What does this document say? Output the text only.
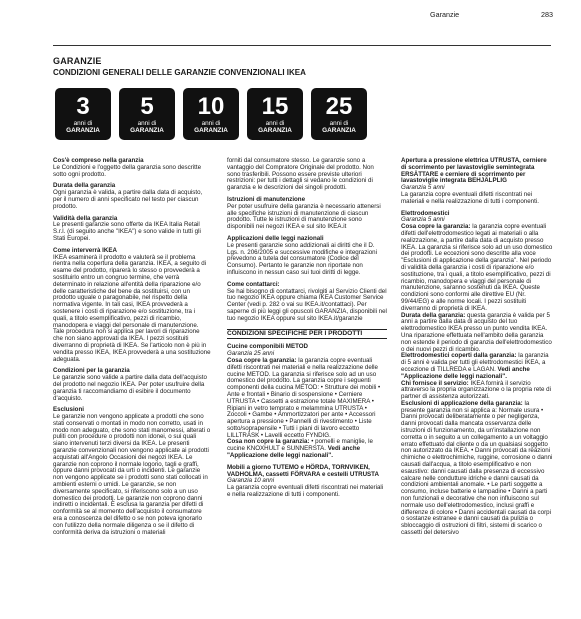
Garanzie	283
GARANZIE
CONDIZIONI GENERALI DELLE GARANZIE CONVENZIONALI IKEA
3
anni di
GARANZIA
5
anni di
GARANZIA
10
anni di
GARANZIA
15
anni di
GARANZIA
25
anni di
GARANZIA
Cos'è compreso nella garanzia

Le Condizioni e l'oggetto della garanzia sono descritte sotto ogni prodotto.

Durata della garanzia

Ogni garanzia è valida, a partire dalla data di acquisto, per il numero di anni specificato nel testo per ciascun prodotto.

Validità della garanzia

Le presenti garanzie sono offerte da IKEA Italia Retail S.r.l. (di seguito anche "IKEA") e sono valide in tutti gli Stati Europei.

Come interverrà IKEA

IKEA esaminerà il prodotto e valuterà se il problema rientra nella copertura della garanzia. IKEA, a seguito di esame del prodotto, riparerà lo stesso o provvederà a sostituirlo entro un congruo termine, che verrà determinato in relazione all'entità della riparazione e/o delle caratteristiche del bene da sostituirsi, con un prodotto uguale o paragonabile, nel rispetto della normativa vigente. In tali casi, IKEA provvederà a sostenere i costi di riparazione e/o sostituzione, tra i quali, a titolo esemplificativo, pezzi di ricambio, manodopera e viaggi del personale di manutenzione. Tale procedura non si applica per lavori di riparazione che non siano approvati da IKEA. I pezzi sostituiti diverranno di proprietà di IKEA. Se l'articolo non è più in vendita presso IKEA, IKEA provvederà a una sostituzione adeguata.

Condizioni per la garanzia

Le garanzie sono valide a partire dalla data dell'acquisto del prodotto nel negozio IKEA. Per poter usufruire della garanzia ti raccomandiamo di esibire il documento d'acquisto.

Esclusioni

Le garanzie non vengono applicate a prodotti che sono stati conservati o montati in modo non corretto, usati in modo non adeguato, che sono stati manomessi, alterati o puliti con procedure o prodotti non idonei, o sui quali siano intervenuti terzi diversi da IKEA. Le presenti garanzie convenzionali non vengono applicate ai prodotti acquistati all'Angolo Occasioni dei negozi IKEA. Le garanzie non coprono il normale logorio, tagli e graffi, oppure danni provocati da urti o incidenti. Le garanzie non vengono applicate se i prodotti sono stati collocati in ambienti esterni o umidi. Le garanzie, se non diversamente specificato, si riferiscono solo a un uso domestico dei prodotti. Le garanzie non coprono danni indiretti o incidentali. È esclusa la garanzia per difetti di conformità se al momento dell'acquisto il consumatore era a conoscenza del difetto o se non poteva ignorarlo con l'utilizzo della normale diligenza o se il difetto di conformità deriva da istruzioni o materiali

forniti dal consumatore stesso. Le garanzie sono a vantaggio del Compratore Originale del prodotto. Non sono trasferibili. Possono essere previste ulteriori restrizioni: per tutti i dettagli si vedano le condizioni di garanzia e le descrizioni dei singoli prodotti.

Istruzioni di manutenzione

Per poter usufruire della garanzia è necessario attenersi alle specifiche istruzioni di manutenzione di ciascun prodotto. Tutte le istruzioni di manutenzione sono disponibili nei negozi IKEA e sul sito IKEA.it

Applicazioni delle leggi nazionali

Le presenti garanzie sono addizionali ai diritti che il D. Lgs. n. 206/2005 e successive modifiche e integrazioni prevedono a tutela del consumatore (Codice del Consumo). Pertanto le garanzie non riportate non influiscono in nessun caso sui tuoi diritti di legge.

Come contattarci:

Se hai bisogno di contattarci, rivolgiti al Servizio Clienti del tuo negozio IKEA oppure chiama IKEA Customer Service Center (vedi p. 282 o vai su IKEA.it/contattaci). Per saperne di più leggi gli opuscoli GARANZIA, disponibili nel tuo negozio IKEA oppure sul sito IKEA.it/garanzie

CONDIZIONI SPECIFICHE PER I PRODOTTI
Cucine componibili METOD
Garanzia 25 anni

Cosa copre la garanzia: la garanzia copre eventuali difetti riscontrati nei materiali e nella realizzazione delle cucine METOD. La garanzia si riferisce solo ad un uso domestico del prodotto. La garanzia copre i seguenti componenti della cucina METOD: • Strutture dei mobili • Ante e frontali • Binario di sospensione • Cerniere UTRUSTA • Cassetti a estrazione totale MAXIMERA • Ripiani in vetro temprato e melammina UTRUSTA • Zoccoli • Gambe • Ammortizzatori per ante • Accessori apertura a pressione • Pannelli di rivestimento • Liste sotto/soprapensile • Tutti i piani di lavoro eccetto LILLTRÄSK • Lavelli eccetto FYNDIG.

Cosa non copre la garanzia: • pomelli e maniglie, le cucine KNOXHULT e SUNNERSTA. Vedi anche "Applicazione delle leggi nazionali".

Mobili a giorno TUTEMO e HÖRDA, TORNVIKEN, VADHOLMA, cassetti FÖRVARA e cestelli UTRUSTA
Garanzia 10 anni

La garanzia copre eventuali difetti riscontrati nei materiali e nella realizzazione di tutti i componenti.

Apertura a pressione elettrica UTRUSTA, cerniere di scorrimento per lavastoviglie semintegrata ERSÄTTARE e cerniere di scorrimento per lavastoviglie integrata BEHJÄLPLIG
Garanzia 5 anni

La garanzia copre eventuali difetti riscontrati nei materiali e nella realizzazione di tutti i componenti.

Elettrodomestici
Garanzia 5 anni

Cosa copre la garanzia: la garanzia copre eventuali difetti dell'elettrodomestico legati ai materiali o alla realizzazione, a partire dalla data di acquisto presso IKEA. La garanzia si riferisce solo ad un uso domestico dei prodotti. Le eccezioni sono descritte alla voce "Esclusioni di applicazione della garanzia". Nel periodo di validità della garanzia i costi di riparazione e/o sostituzione, tra i quali, a titolo esemplificativo, pezzi di ricambio, manodopera e viaggi del personale di manutenzione, saranno sostenuti da IKEA. Queste condizioni sono conformi alle direttive EU (Nr. 99/44/EG) e alle norme locali. I pezzi sostituiti diverranno di proprietà di IKEA.

Durata della garanzia: questa garanzia è valida per 5 anni a partire dalla data di acquisto del tuo elettrodomestico IKEA presso un punto vendita IKEA. Una riparazione effettuata nell'ambito della garanzia non estende il periodo di garanzia dell'elettrodomestico o dei nuovi pezzi di ricambio.

Elettrodomestici coperti dalla garanzia: la garanzia di 5 anni è valida per tutti gli elettrodomestici IKEA, a eccezione di TILLREDA e LAGAN. Vedi anche "Applicazione delle leggi nazionali".

Chi fornisce il servizio: IKEA fornirà il servizio attraverso la propria organizzazione o la propria rete di partner di assistenza autorizzati.

Esclusioni di applicazione della garanzia: la presente garanzia non si applica a: Normale usura • Danni provocati deliberatamente o per negligenza, danni provocati dalla mancata osservanza delle istruzioni di funzionamento, da un'installazione non corretta o in seguito a un collegamento a un voltaggio errato effettuato dal cliente o da un qualsiasi soggetto non autorizzato da IKEA. • Danni provocati da reazioni chimiche o elettrochimiche, ruggine, corrosione o danni causati dall'acqua, a titolo esemplificativo e non esaustivo: danni causati dalla presenza di eccessivo calcare nelle condutture idriche e danni causati da condizioni ambientali anomale. • Le parti soggette a consumo, incluse batterie e lampadine • Danni a parti non funzionali e decorative che non influiscono sul normale uso dell'elettrodomestico, inclusi graffi e differenze di colore • Danni accidentali causati da corpi o sostanze estranee e danni causati da pulizia o sbloccaggio di ostruzioni di filtri, sistemi di scarico o cassetti del detersivo
